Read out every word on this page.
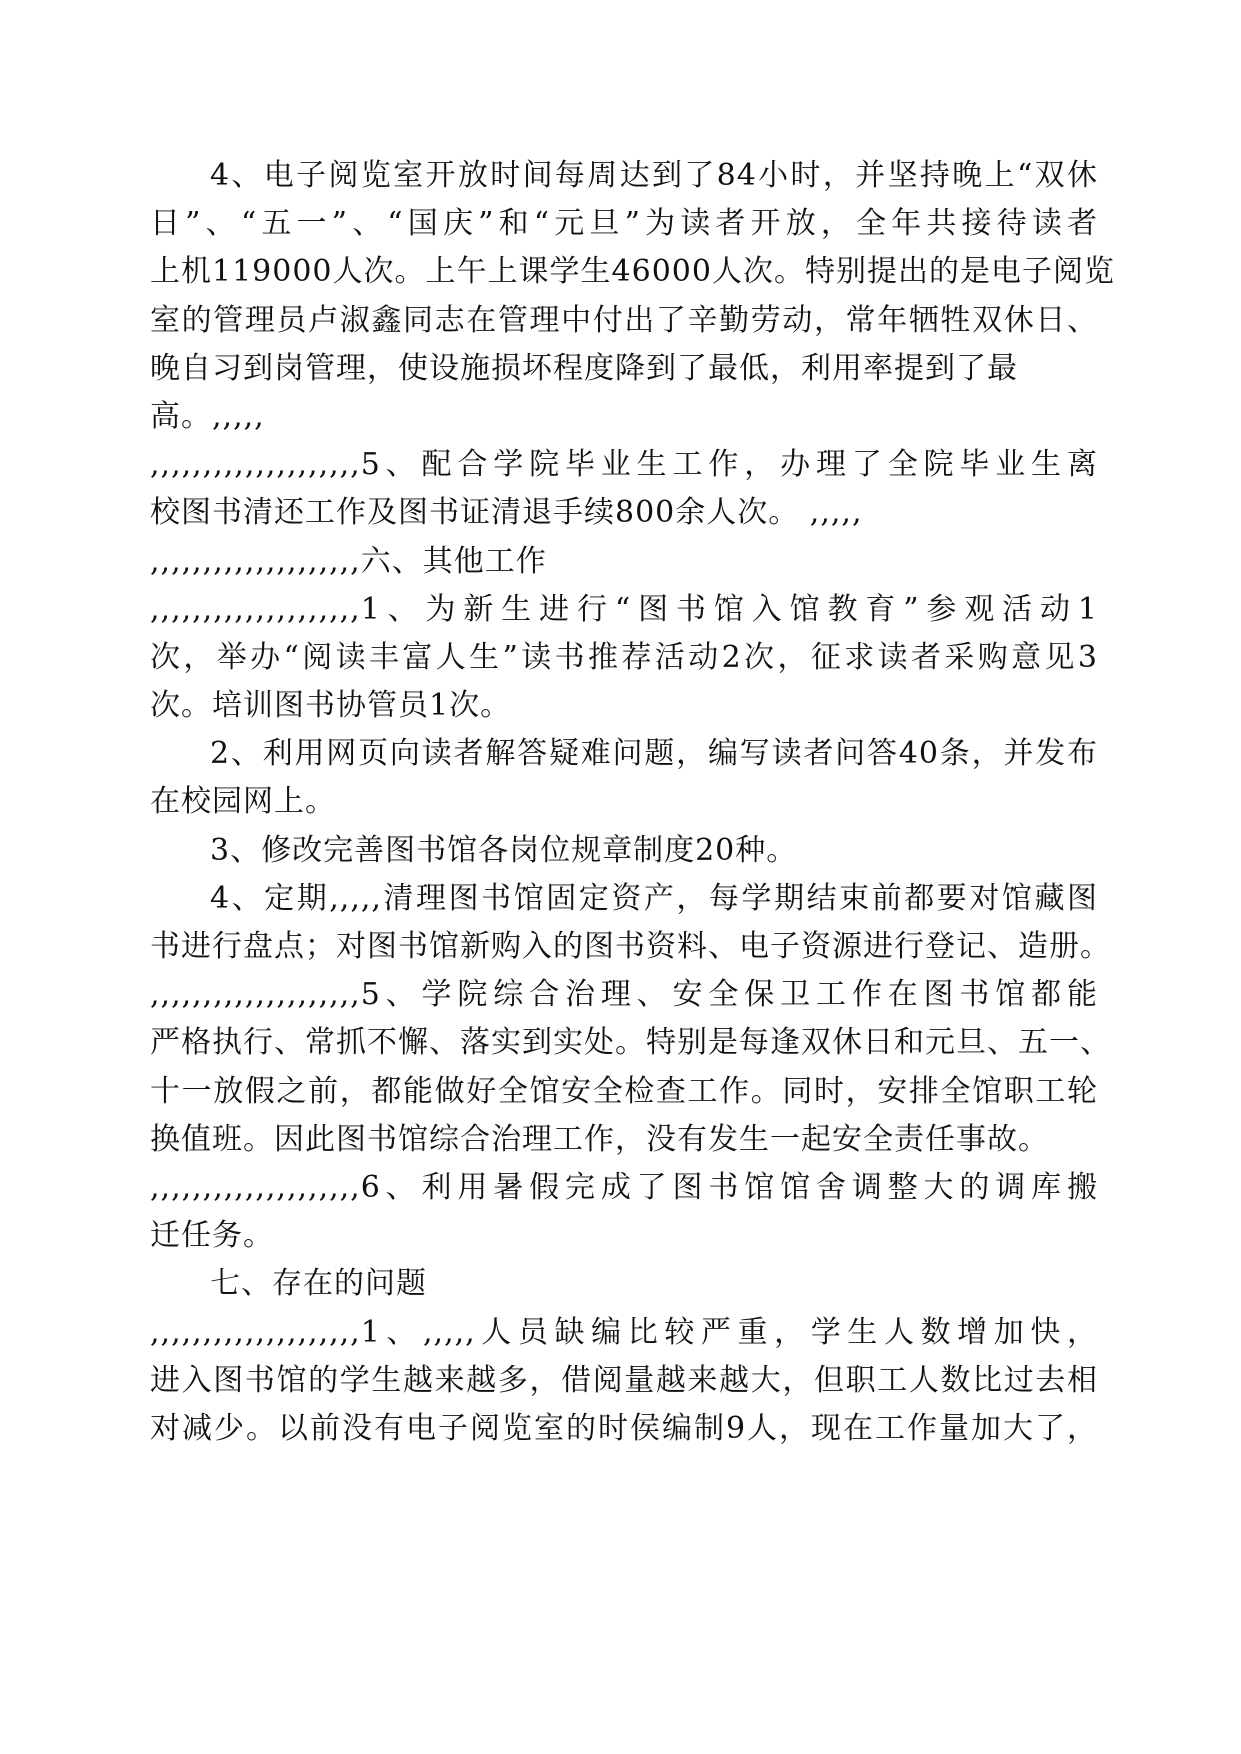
4、电子阅览室开放时间每周达到了84小时，并坚持晚上“双休
日”、“五一”、“国庆”和“元旦”为读者开放，全年共接待读者
上机119000人次。上午上课学生46000人次。特别提出的是电子阅览
室的管理员卢淑鑫同志在管理中付出了辛勤劳动，常年牺牲双休日、
晚自习到岗管理，使设施损坏程度降到了最低，利用率提到了最
高。,,,,,
,,,,,,,,,,,,,,,,,,,,5、配合学院毕业生工作，办理了全院毕业生离
校图书清还工作及图书证清退手续800余人次。 ,,,,,
,,,,,,,,,,,,,,,,,,,,六、其他工作
,,,,,,,,,,,,,,,,,,,,1、为新生进行“图书馆入馆教育”参观活动1
次，举办“阅读丰富人生”读书推荐活动2次，征求读者采购意见3
次。培训图书协管员1次。
2、利用网页向读者解答疑难问题，编写读者问答40条，并发布
在校园网上。
3、修改完善图书馆各岗位规章制度20种。
4、定期,,,,,清理图书馆固定资产，每学期结束前都要对馆藏图
书进行盘点；对图书馆新购入的图书资料、电子资源进行登记、造册。
,,,,,,,,,,,,,,,,,,,,5、学院综合治理、安全保卫工作在图书馆都能
严格执行、常抓不懈、落实到实处。特别是每逢双休日和元旦、五一、
十一放假之前，都能做好全馆安全检查工作。同时，安排全馆职工轮
换值班。因此图书馆综合治理工作，没有发生一起安全责任事故。
,,,,,,,,,,,,,,,,,,,,6、利用暑假完成了图书馆馆舍调整大的调库搬
迁任务。
七、存在的问题
,,,,,,,,,,,,,,,,,,,,1、,,,,,人员缺编比较严重，学生人数增加快，
进入图书馆的学生越来越多，借阅量越来越大，但职工人数比过去相
对减少。以前没有电子阅览室的时侯编制9人，现在工作量加大了，
